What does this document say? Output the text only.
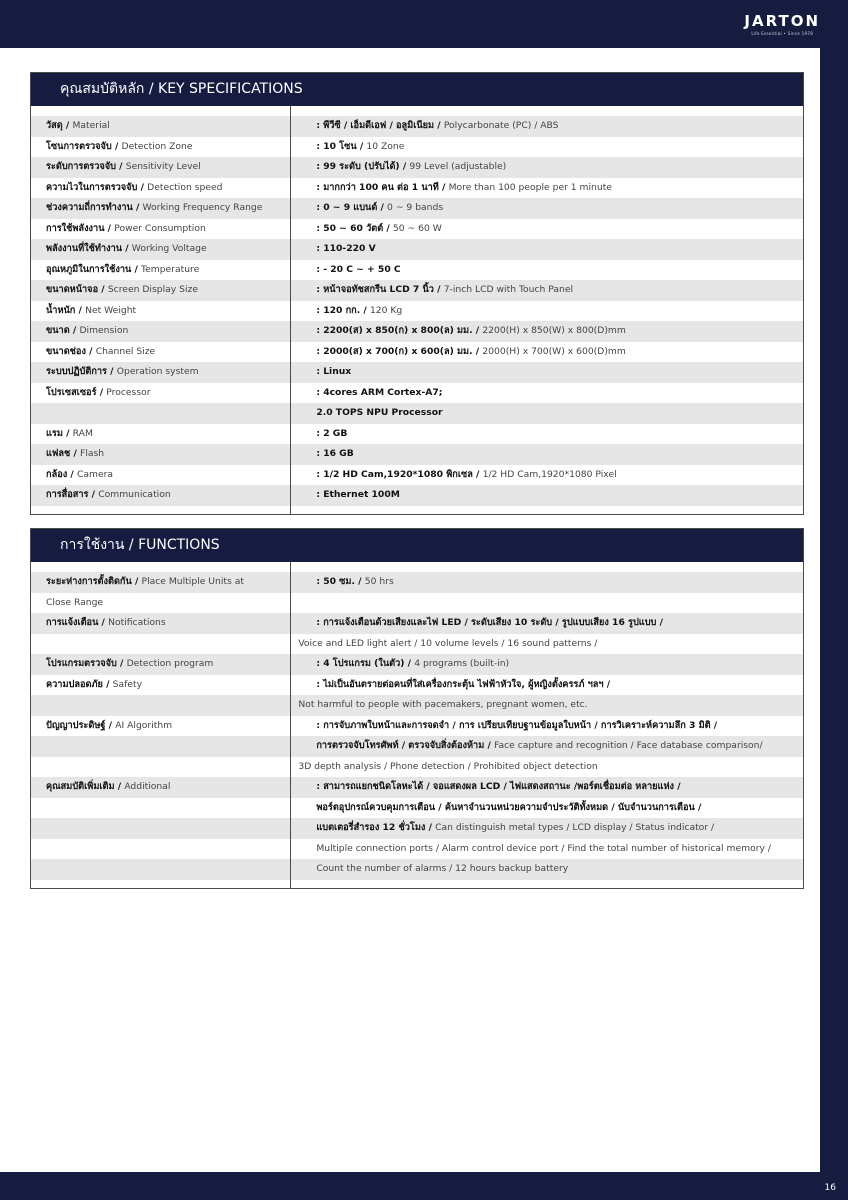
JARTON
Life Essential • Since 1978
คุณสมบัติหลัก / KEY SPECIFICATIONS
วัสดุ / Material	: พีวีซี / เอ็มดีเอฟ / อลูมิเนียม / Polycarbonate (PC) / ABS
โซนการตรวจจับ / Detection Zone	: 10 โซน / 10 Zone
ระดับการตรวจจับ / Sensitivity Level	: 99 ระดับ (ปรับได้) / 99 Level (adjustable)
ความไวในการตรวจจับ / Detection speed	: มากกว่า 100 คน ต่อ 1 นาที / More than 100 people per 1 minute
ช่วงความถี่การทำงาน / Working Frequency Range	: 0 ~ 9 แบนด์ / 0 ~ 9 bands
การใช้พลังงาน / Power Consumption	: 50 ~ 60 วัตต์ / 50 ~ 60 W
พลังงานที่ใช้ทำงาน / Working Voltage	: 110-220 V
อุณหภูมิในการใช้งาน / Temperature	: - 20 C ~ + 50 C
ขนาดหน้าจอ / Screen Display Size	: หน้าจอทัชสกรีน LCD 7 นิ้ว / 7-inch LCD with Touch Panel
น้ำหนัก / Net Weight	: 120 กก. / 120 Kg
ขนาด / Dimension	: 2200(ส) x 850(ก) x 800(ล) มม. / 2200(H) x 850(W) x 800(D)mm
ขนาดช่อง / Channel Size	: 2000(ส) x 700(ก) x 600(ล) มม. / 2000(H) x 700(W) x 600(D)mm
ระบบปฏิบัติการ / Operation system	: Linux
โปรเซสเซอร์ / Processor	: 4cores ARM Cortex-A7;
2.0 TOPS NPU Processor
แรม / RAM	: 2 GB
แฟลช / Flash	: 16 GB
กล้อง / Camera	: 1/2 HD Cam,1920*1080 พิกเซล / 1/2 HD Cam,1920*1080 Pixel
การสื่อสาร / Communication	: Ethernet 100M
การใช้งาน / FUNCTIONS
ระยะห่างการตั้งติดกัน / Place Multiple Units at	: 50 ซม. / 50 hrs
Close Range
การแจ้งเตือน / Notifications	: การแจ้งเตือนด้วยเสียงและไฟ LED / ระดับเสียง 10 ระดับ / รูปแบบเสียง 16 รูปแบบ /
Voice and LED light alert / 10 volume levels / 16 sound patterns /
โปรแกรมตรวจจับ / Detection program	: 4 โปรแกรม (ในตัว) / 4 programs (built-in)
ความปลอดภัย / Safety	: ไม่เป็นอันตรายต่อคนที่ใส่เครื่องกระตุ้น ไฟฟ้าหัวใจ, ผู้หญิงตั้งครรภ์ ฯลฯ /
Not harmful to people with pacemakers, pregnant women, etc.
ปัญญาประดิษฐ์ / AI Algorithm	: การจับภาพใบหน้าและการจดจำ / การ เปรียบเทียบฐานข้อมูลใบหน้า / การวิเคราะห์ความลึก 3 มิติ /
การตรวจจับโทรศัพท์ / ตรวจจับสิ่งต้องห้าม / Face capture and recognition / Face database comparison/
3D depth analysis / Phone detection / Prohibited object detection
คุณสมบัติเพิ่มเติม / Additional	: สามารถแยกชนิดโลหะได้ / จอแสดงผล LCD / ไฟแสดงสถานะ /พอร์ตเชื่อมต่อ หลายแห่ง /
พอร์ตอุปกรณ์ควบคุมการเตือน / ค้นหาจำนวนหน่วยความจำประวัติทั้งหมด / นับจำนวนการเตือน /
แบตเตอรี่สำรอง 12 ชั่วโมง / Can distinguish metal types / LCD display / Status indicator /
Multiple connection ports / Alarm control device port / Find the total number of historical memory /
Count the number of alarms / 12 hours backup battery
16
